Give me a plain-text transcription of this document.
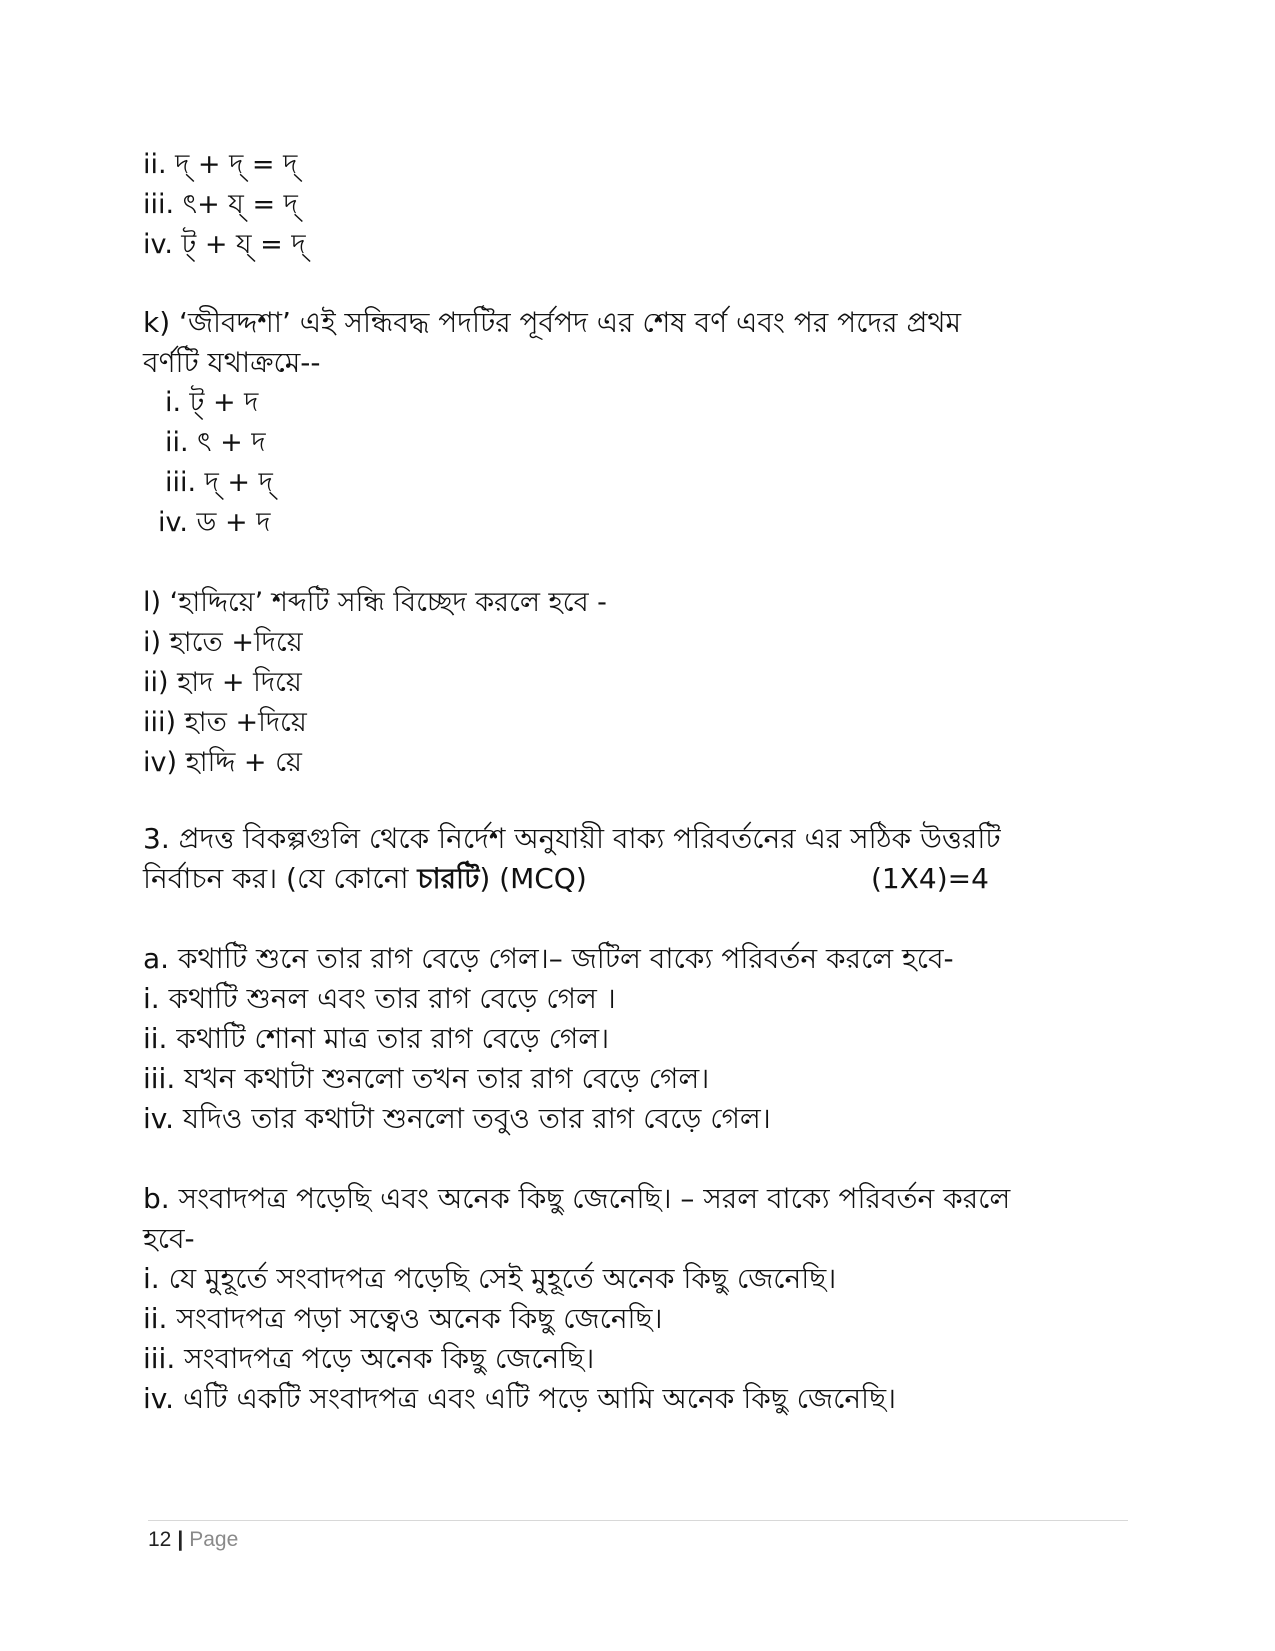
ii. দ্ + দ্ = দ্
iii. ৎ+ য্ = দ্
iv. ট্ + য্ = দ্
k) ‘জীবদ্দশা’ এই সন্ধিবদ্ধ পদটির পূর্বপদ এর শেষ বর্ণ এবং পর পদের প্রথম
বর্ণটি যথাক্রমে--
i. ট্ + দ
ii. ৎ + দ
iii. দ্ + দ্
iv. ড + দ
l) ‘হাদ্দিয়ে’ শব্দটি সন্ধি বিচ্ছেদ করলে হবে -
i) হাতে +দিয়ে
ii) হাদ + দিয়ে
iii) হাত +দিয়ে
iv) হাদ্দি + য়ে
3. প্রদত্ত বিকল্পগুলি থেকে নির্দেশ অনুযায়ী বাক্য পরিবর্তনের এর সঠিক উত্তরটি
নির্বাচন কর। (যে কোনো চারটি) (MCQ)	(1X4)=4
a. কথাটি শুনে তার রাগ বেড়ে গেল।– জটিল বাক্যে পরিবর্তন করলে হবে-
i. কথাটি শুনল এবং তার রাগ বেড়ে গেল ।
ii. কথাটি শোনা মাত্র তার রাগ বেড়ে গেল।
iii. যখন কথাটা শুনলো তখন তার রাগ বেড়ে গেল।
iv. যদিও তার কথাটা শুনলো তবুও তার রাগ বেড়ে গেল।
b. সংবাদপত্র পড়েছি এবং অনেক কিছু জেনেছি। – সরল বাক্যে পরিবর্তন করলে
হবে-
i. যে মুহূর্তে সংবাদপত্র পড়েছি সেই মুহূর্তে অনেক কিছু জেনেছি।
ii. সংবাদপত্র পড়া সত্বেও অনেক কিছু জেনেছি।
iii. সংবাদপত্র পড়ে অনেক কিছু জেনেছি।
iv. এটি একটি সংবাদপত্র এবং এটি পড়ে আমি অনেক কিছু জেনেছি।
12 | Page
